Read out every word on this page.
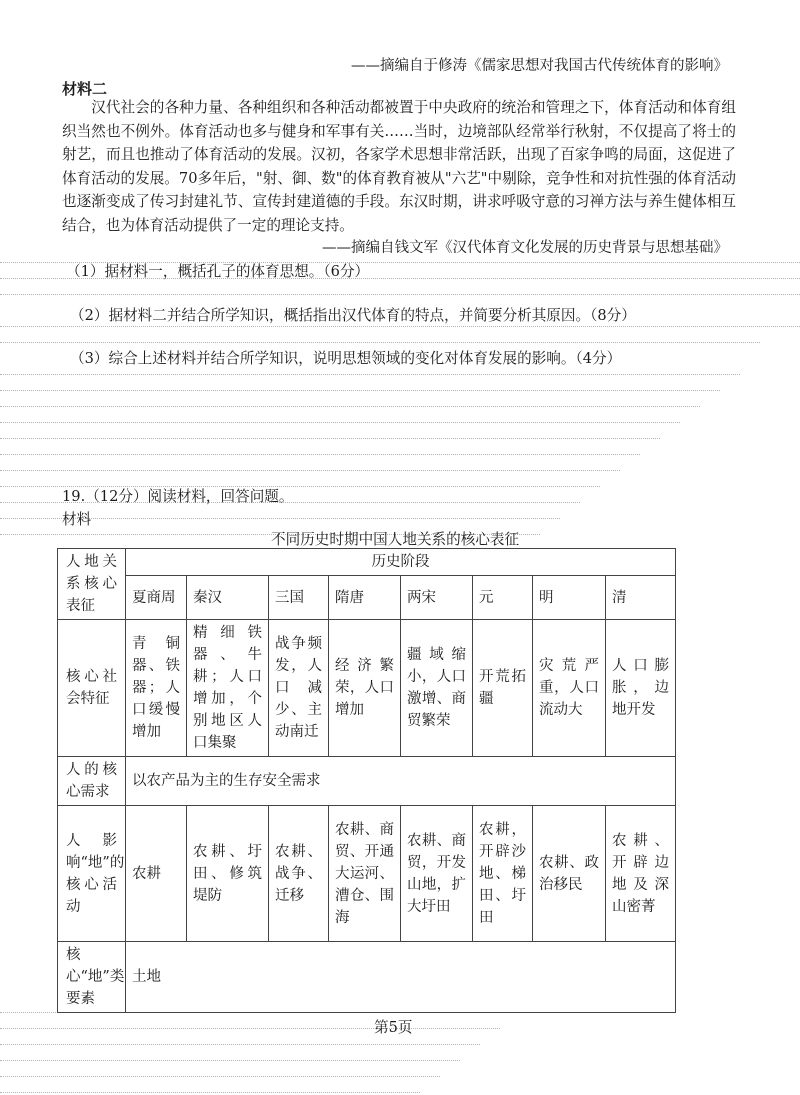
——摘编自于修涛《儒家思想对我国古代传统体育的影响》
材料二
汉代社会的各种力量、各种组织和各种活动都被置于中央政府的统治和管理之下，体育活动和体育组织当然也不例外。体育活动也多与健身和军事有关……当时，边境部队经常举行秋射，不仅提高了将士的射艺，而且也推动了体育活动的发展。汉初，各家学术思想非常活跃，出现了百家争鸣的局面，这促进了体育活动的发展。70多年后，"射、御、数"的体育教育被从"六艺"中剔除，竞争性和对抗性强的体育活动也逐渐变成了传习封建礼节、宣传封建道德的手段。东汉时期，讲求呼吸守意的习禅方法与养生健体相互结合，也为体育活动提供了一定的理论支持。
——摘编自钱文军《汉代体育文化发展的历史背景与思想基础》
（1）据材料一，概括孔子的体育思想。（6分）
（2）据材料二并结合所学知识，概括指出汉代体育的特点，并简要分析其原因。（8分）
（3）综合上述材料并结合所学知识，说明思想领域的变化对体育发展的影响。（4分）
19.（12分）阅读材料，回答问题。
材料
不同历史时期中国人地关系的核心表征
人地关系核心表征	历史阶段							
	夏商周	秦汉	三国	隋唐	两宋	元	明	清
核心社会特征	青铜器、铁器；人口缓慢增加	精细铁器、牛耕；人口增加，个别地区人口集聚	战争频发，人口减少、主动南迁	经济繁荣，人口增加	疆域缩小，人口激增、商贸繁荣	开荒拓疆	灾荒严重，人口流动大	人口膨胀，边地开发
人的核心需求	以农产品为主的生存安全需求							
人影响“地”的核心活动	农耕	农耕、圩田、修筑堤防	农耕、战争、迁移	农耕、商贸、开通大运河、漕仓、围海	农耕、商贸，开发山地，扩大圩田	农耕，开辟沙地、梯田、圩田	农耕、政治移民	农耕、开辟边地及深山密菁
核心“地”类要素	土地							
第5页
